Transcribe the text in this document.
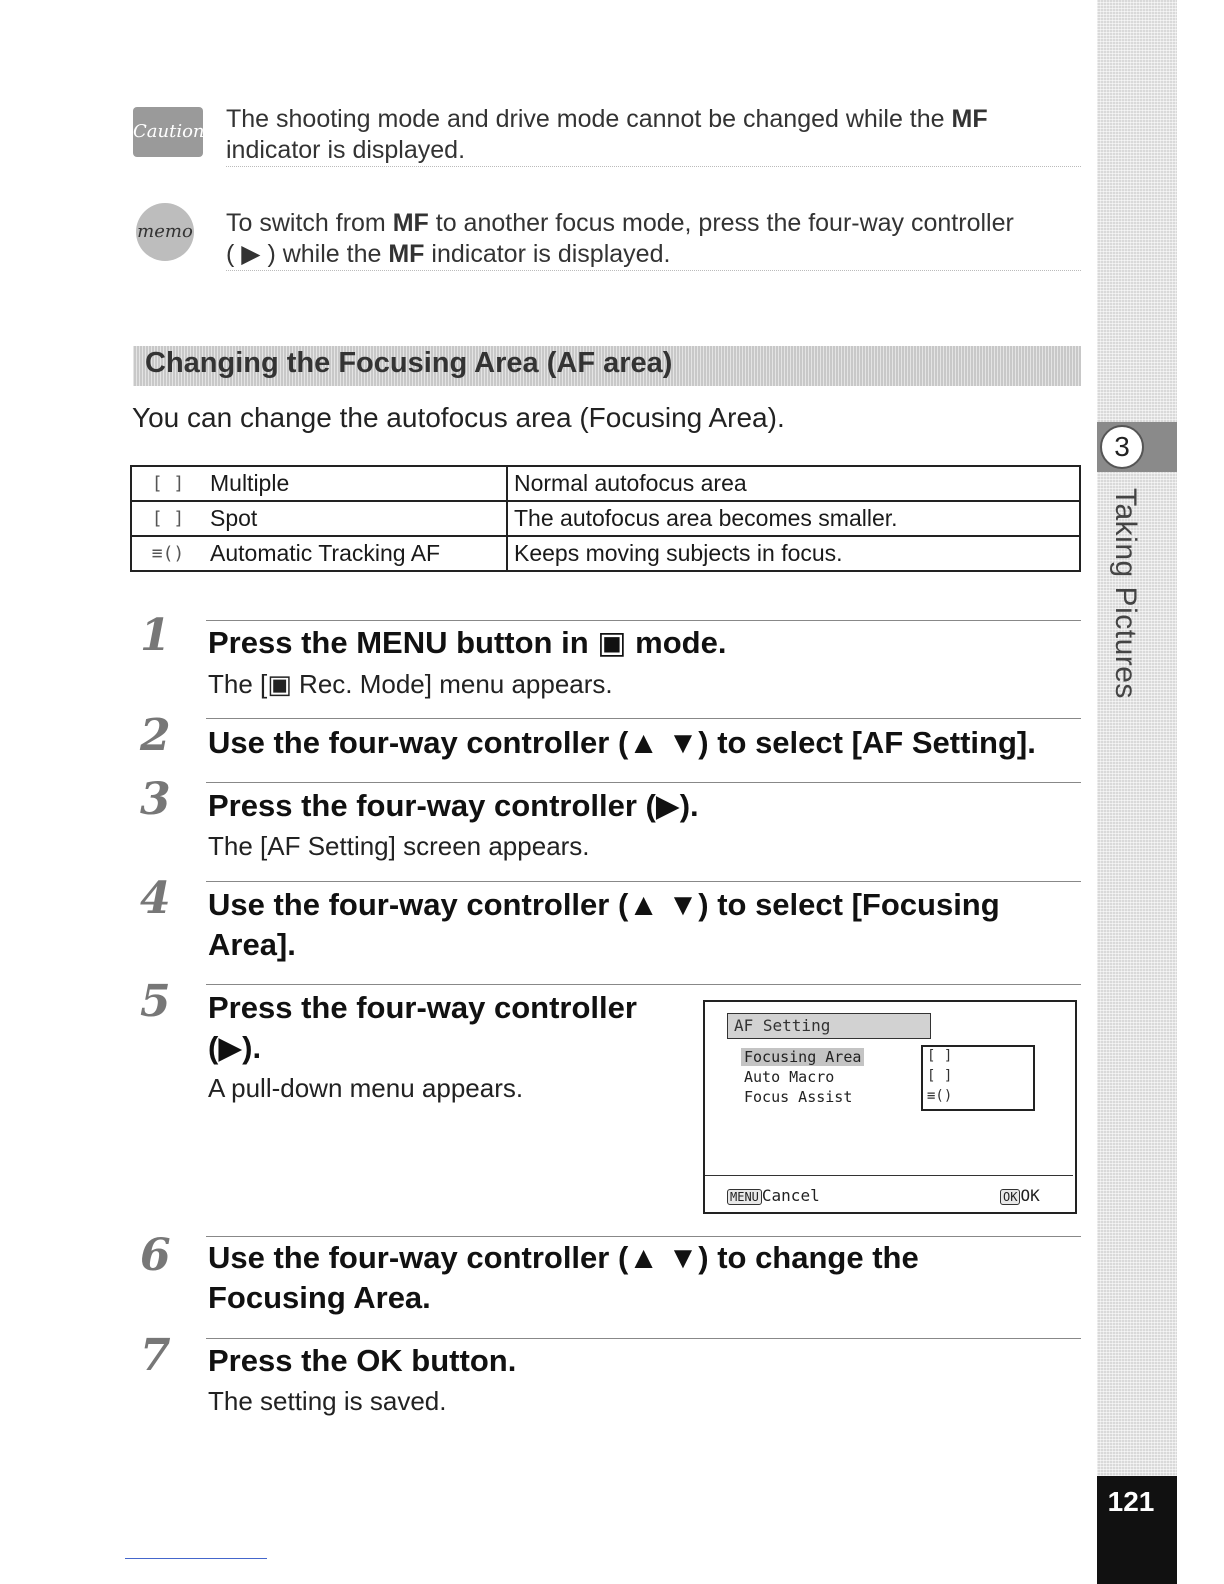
3
Taking Pictures
121
Caution The shooting mode and drive mode cannot be changed while the MF
indicator is displayed.
memo To switch from MF to another focus mode, press the four-way controller
( ▶ ) while the MF indicator is displayed.
Changing the Focusing Area (AF area)
You can change the autofocus area (Focusing Area).
[ ]	Multiple	Normal autofocus area
[ ]	Spot	The autofocus area becomes smaller.
≡()	Automatic Tracking AF	Keeps moving subjects in focus.
1 Press the MENU button in ▣ mode.
The [▣ Rec. Mode] menu appears.
2 Use the four-way controller (▲ ▼) to select [AF Setting].
3 Press the four-way controller (▶).
The [AF Setting] screen appears.
4 Use the four-way controller (▲ ▼) to select [Focusing
Area].
5 Press the four-way controller
(▶).
A pull-down menu appears.
AF Setting
Focusing Area
Auto Macro
Focus Assist
[ ]
[ ]
≡()
MENU Cancel	OK OK
6 Use the four-way controller (▲ ▼) to change the
Focusing Area.
7 Press the OK button.
The setting is saved.
